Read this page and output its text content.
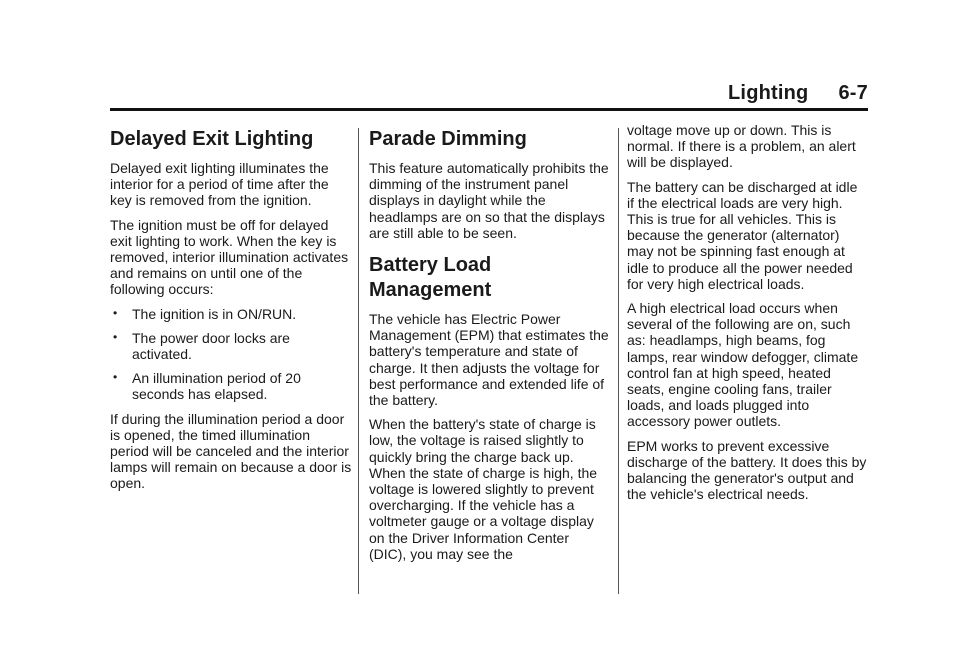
Lighting 6-7
Delayed Exit Lighting

Delayed exit lighting illuminates the interior for a period of time after the key is removed from the ignition.

The ignition must be off for delayed exit lighting to work. When the key is removed, interior illumination activates and remains on until one of the following occurs:

• The ignition is in ON/RUN.
• The power door locks are activated.
• An illumination period of 20 seconds has elapsed.

If during the illumination period a door is opened, the timed illumination period will be canceled and the interior lamps will remain on because a door is open.

Parade Dimming

This feature automatically prohibits the dimming of the instrument panel displays in daylight while the headlamps are on so that the displays are still able to be seen.

Battery Load Management

The vehicle has Electric Power Management (EPM) that estimates the battery's temperature and state of charge. It then adjusts the voltage for best performance and extended life of the battery.

When the battery's state of charge is low, the voltage is raised slightly to quickly bring the charge back up. When the state of charge is high, the voltage is lowered slightly to prevent overcharging. If the vehicle has a voltmeter gauge or a voltage display on the Driver Information Center (DIC), you may see the

voltage move up or down. This is normal. If there is a problem, an alert will be displayed.

The battery can be discharged at idle if the electrical loads are very high. This is true for all vehicles. This is because the generator (alternator) may not be spinning fast enough at idle to produce all the power needed for very high electrical loads.

A high electrical load occurs when several of the following are on, such as: headlamps, high beams, fog lamps, rear window defogger, climate control fan at high speed, heated seats, engine cooling fans, trailer loads, and loads plugged into accessory power outlets.

EPM works to prevent excessive discharge of the battery. It does this by balancing the generator's output and the vehicle's electrical needs.
